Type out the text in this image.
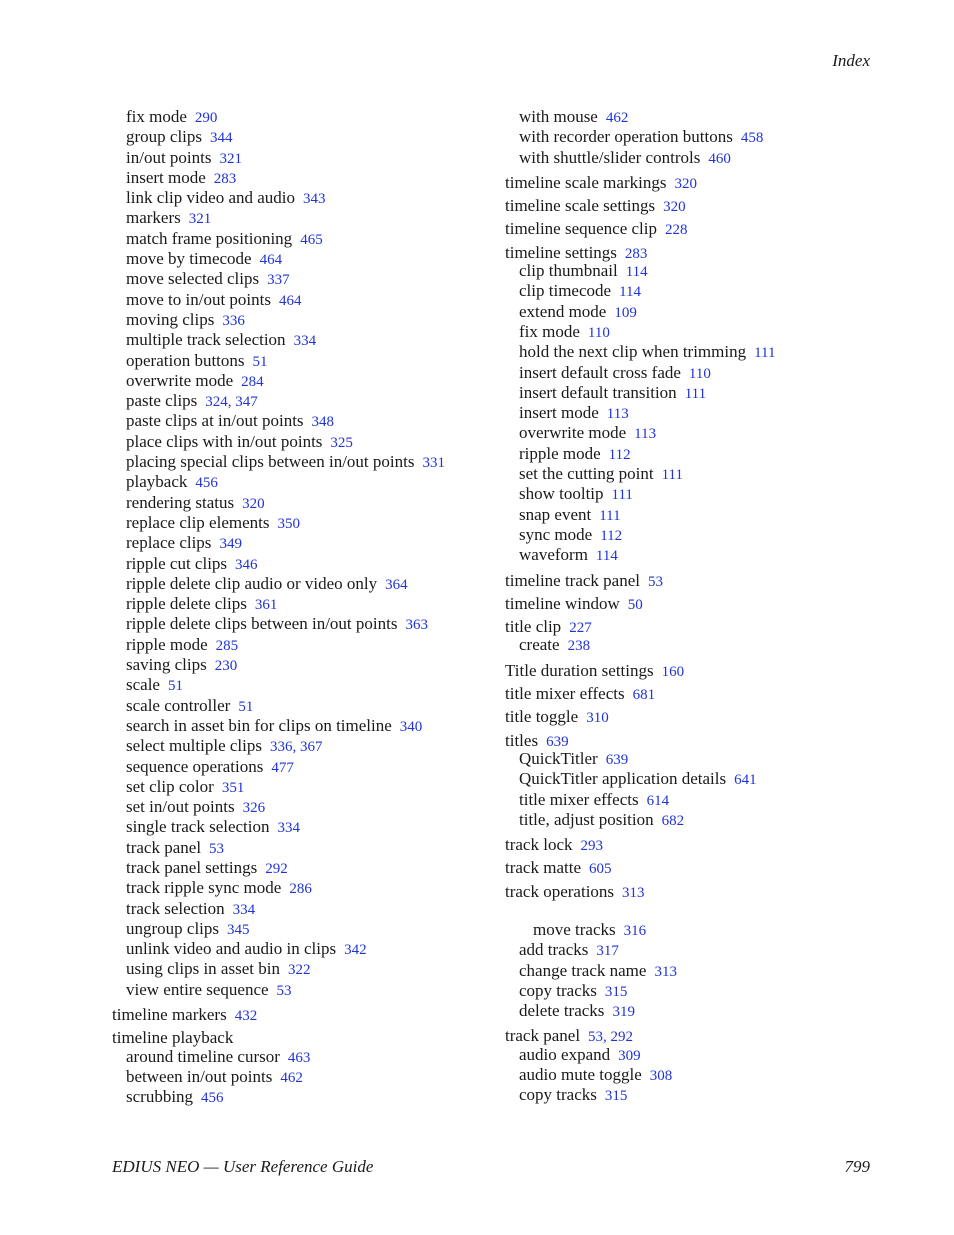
Index
fix mode 290
group clips 344
in/out points 321
insert mode 283
link clip video and audio 343
markers 321
match frame positioning 465
move by timecode 464
move selected clips 337
move to in/out points 464
moving clips 336
multiple track selection 334
operation buttons 51
overwrite mode 284
paste clips 324, 347
paste clips at in/out points 348
place clips with in/out points 325
placing special clips between in/out points 331
playback 456
rendering status 320
replace clip elements 350
replace clips 349
ripple cut clips 346
ripple delete clip audio or video only 364
ripple delete clips 361
ripple delete clips between in/out points 363
ripple mode 285
saving clips 230
scale 51
scale controller 51
search in asset bin for clips on timeline 340
select multiple clips 336, 367
sequence operations 477
set clip color 351
set in/out points 326
single track selection 334
track panel 53
track panel settings 292
track ripple sync mode 286
track selection 334
ungroup clips 345
unlink video and audio in clips 342
using clips in asset bin 322
view entire sequence 53
timeline markers 432
timeline playback
around timeline cursor 463
between in/out points 462
scrubbing 456
with mouse 462
with recorder operation buttons 458
with shuttle/slider controls 460
timeline scale markings 320
timeline scale settings 320
timeline sequence clip 228
timeline settings 283
clip thumbnail 114
clip timecode 114
extend mode 109
fix mode 110
hold the next clip when trimming 111
insert default cross fade 110
insert default transition 111
insert mode 113
overwrite mode 113
ripple mode 112
set the cutting point 111
show tooltip 111
snap event 111
sync mode 112
waveform 114
timeline track panel 53
timeline window 50
title clip 227
create 238
Title duration settings 160
title mixer effects 681
title toggle 310
titles 639
QuickTitler 639
QuickTitler application details 641
title mixer effects 614
title, adjust position 682
track lock 293
track matte 605
track operations 313
move tracks 316
add tracks 317
change track name 313
copy tracks 315
delete tracks 319
track panel 53, 292
audio expand 309
audio mute toggle 308
copy tracks 315
EDIUS NEO — User Reference Guide	799
